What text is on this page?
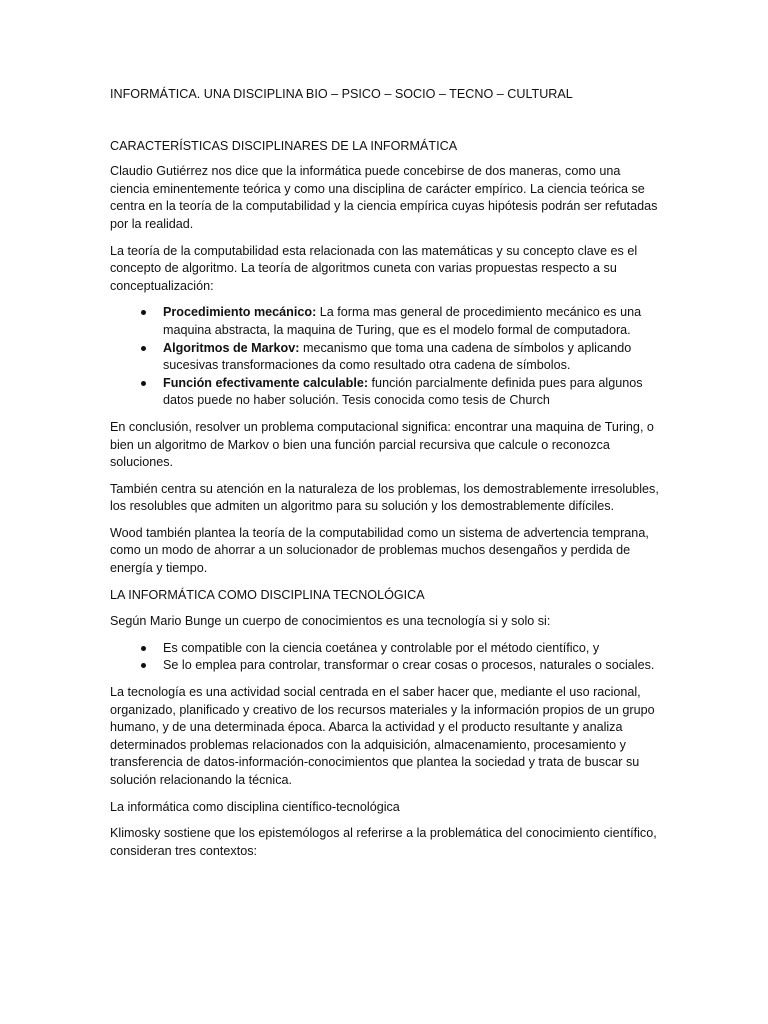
INFORMÁTICA. UNA DISCIPLINA BIO – PSICO – SOCIO – TECNO – CULTURAL
CARACTERÍSTICAS DISCIPLINARES DE LA INFORMÁTICA

Claudio Gutiérrez nos dice que la informática puede concebirse de dos maneras, como una ciencia eminentemente teórica y como una disciplina de carácter empírico. La ciencia teórica se centra en la teoría de la computabilidad y la ciencia empírica cuyas hipótesis podrán ser refutadas por la realidad.

La teoría de la computabilidad esta relacionada con las matemáticas y su concepto clave es el concepto de algoritmo. La teoría de algoritmos cuneta con varias propuestas respecto a su conceptualización:

Procedimiento mecánico: La forma mas general de procedimiento mecánico es una maquina abstracta, la maquina de Turing, que es el modelo formal de computadora.
Algoritmos de Markov: mecanismo que toma una cadena de símbolos y aplicando sucesivas transformaciones da como resultado otra cadena de símbolos.
Función efectivamente calculable: función parcialmente definida pues para algunos datos puede no haber solución. Tesis conocida como tesis de Church

En conclusión, resolver un problema computacional significa: encontrar una maquina de Turing, o bien un algoritmo de Markov o bien una función parcial recursiva que calcule o reconozca soluciones.

También centra su atención en la naturaleza de los problemas, los demostrablemente irresolubles, los resolubles que admiten un algoritmo para su solución y los demostrablemente difíciles.

Wood también plantea la teoría de la computabilidad como un sistema de advertencia temprana, como un modo de ahorrar a un solucionador de problemas muchos desengaños y perdida de energía y tiempo.

LA INFORMÁTICA COMO DISCIPLINA TECNOLÓGICA

Según Mario Bunge un cuerpo de conocimientos es una tecnología si y solo si:

Es compatible con la ciencia coetánea y controlable por el método científico, y
Se lo emplea para controlar, transformar o crear cosas o procesos, naturales o sociales.

La tecnología es una actividad social centrada en el saber hacer que, mediante el uso racional, organizado, planificado y creativo de los recursos materiales y la información propios de un grupo humano, y de una determinada época. Abarca la actividad y el producto resultante y analiza determinados problemas relacionados con la adquisición, almacenamiento, procesamiento y transferencia de datos-información-conocimientos que plantea la sociedad y trata de buscar su solución relacionando la técnica.

La informática como disciplina científico-tecnológica

Klimosky sostiene que los epistemólogos al referirse a la problemática del conocimiento científico, consideran tres contextos:
